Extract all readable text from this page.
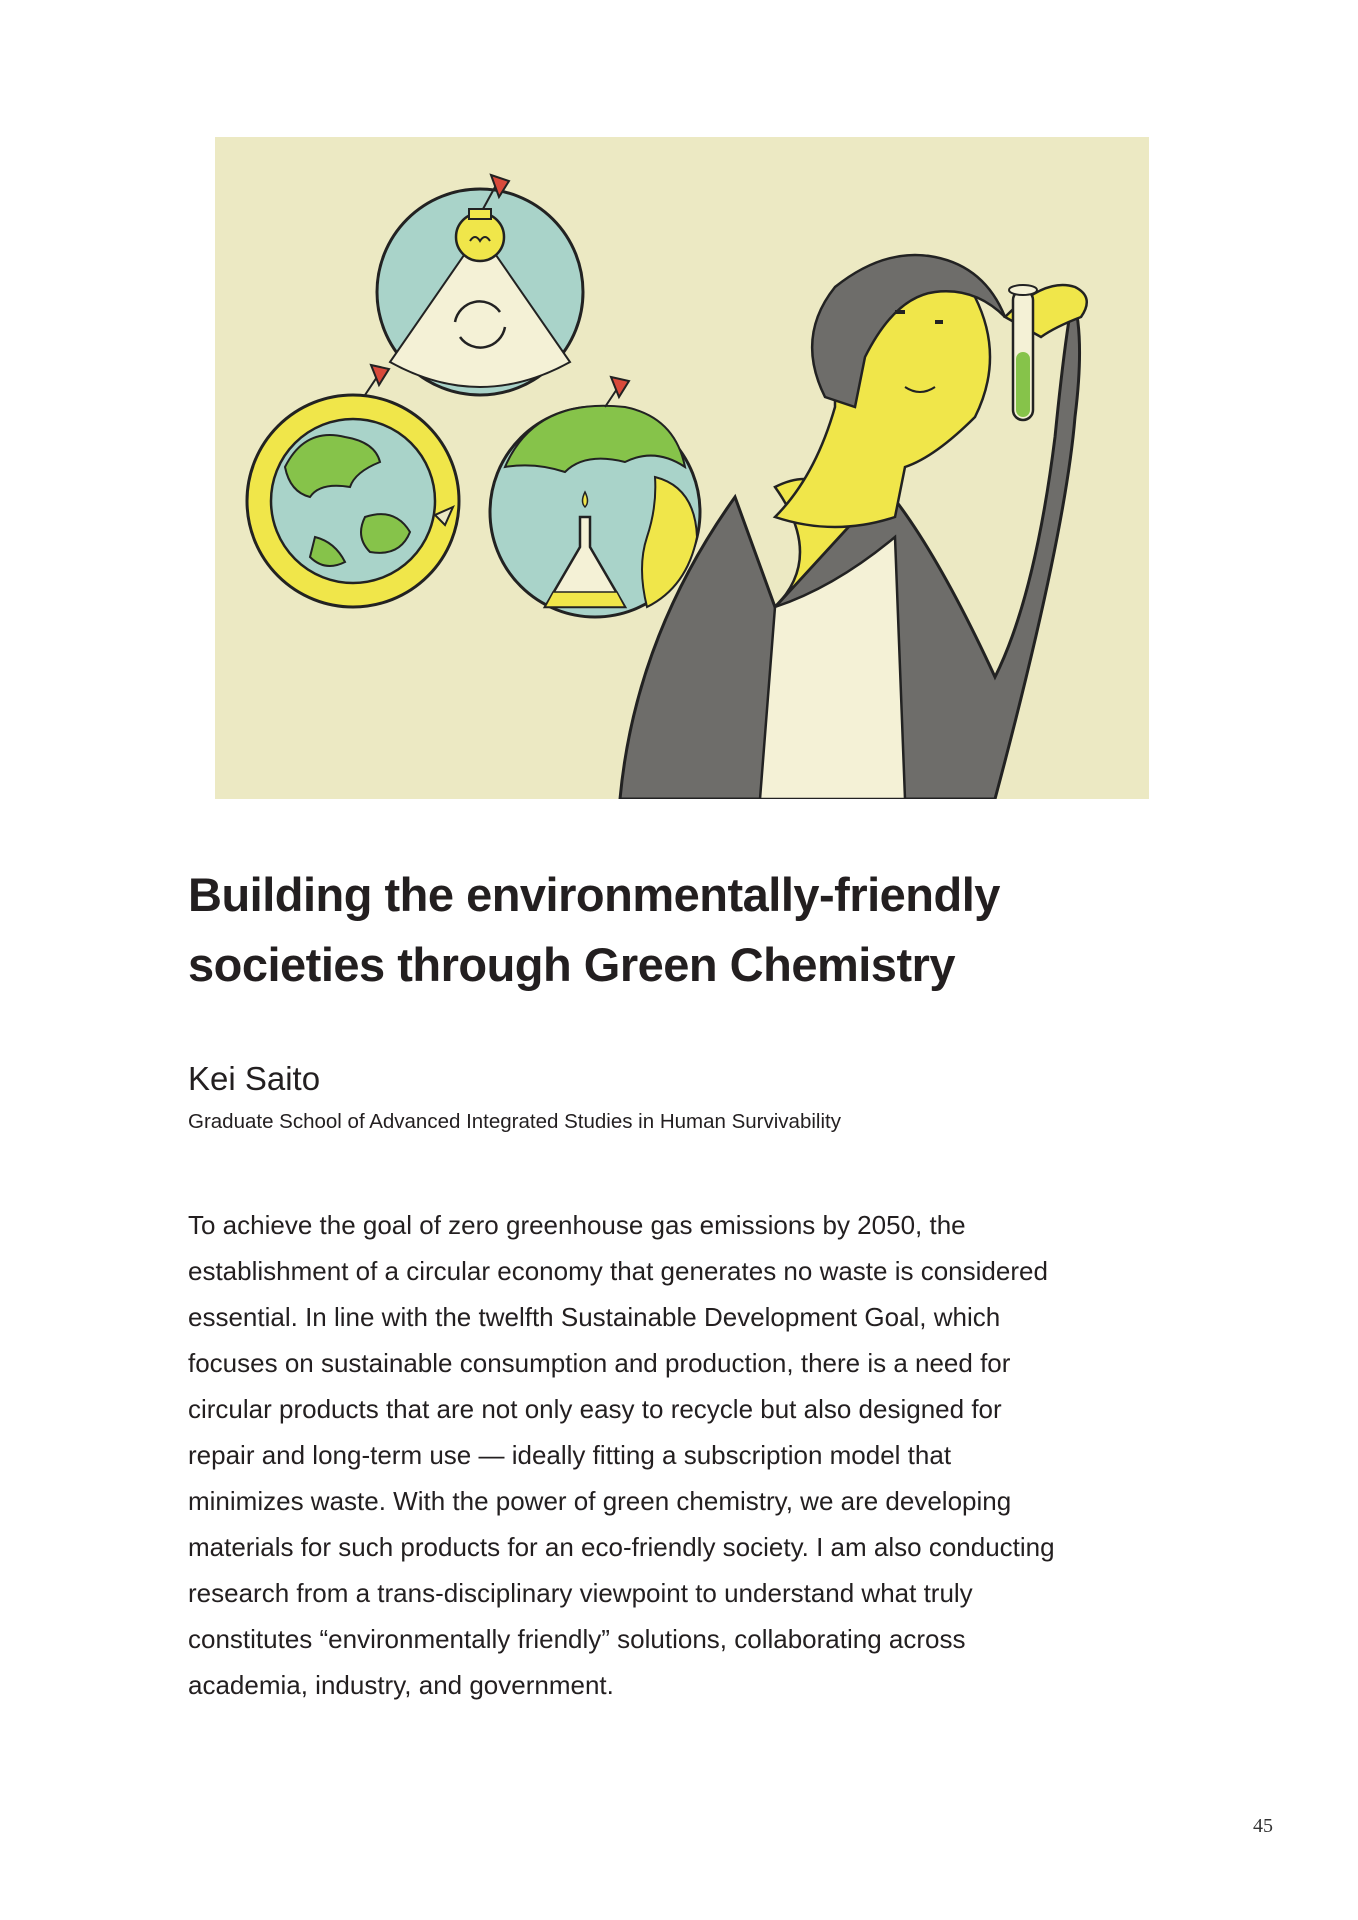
Building the environmentally-friendly
societies through Green Chemistry
Kei Saito
Graduate School of Advanced Integrated Studies in Human Survivability
To achieve the goal of zero greenhouse gas emissions by 2050, the
establishment of a circular economy that generates no waste is considered
essential. In line with the twelfth Sustainable Development Goal, which
focuses on sustainable consumption and production, there is a need for
circular products that are not only easy to recycle but also designed for
repair and long-term use — ideally fitting a subscription model that
minimizes waste. With the power of green chemistry, we are developing
materials for such products for an eco-friendly society. I am also conducting
research from a trans-disciplinary viewpoint to understand what truly
constitutes “environmentally friendly” solutions, collaborating across
academia, industry, and government.
45
